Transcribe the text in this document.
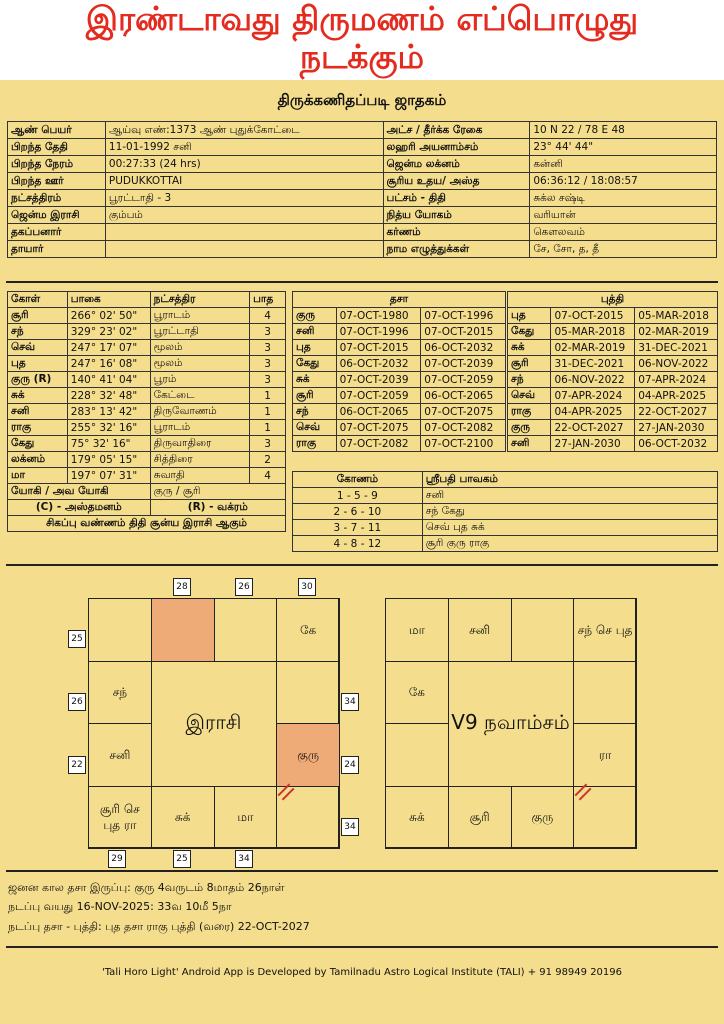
இரண்டாவது திருமணம் எப்பொழுது
நடக்கும்
திருக்கணிதப்படி ஜாதகம்
ஆண் பெயர்	ஆய்வு எண்:1373 ஆண் புதுக்கோட்டை	அட்ச / தீர்க்க ரேகை	10 N 22 / 78 E 48
பிறந்த தேதி	11-01-1992 சனி	லஹரி அயனாம்சம்	23° 44' 44"
பிறந்த நேரம்	00:27:33 (24 hrs)	ஜென்ம லக்னம்	கன்னி
பிறந்த ஊர்	PUDUKKOTTAI	சூரிய உதய/ அஸ்த	06:36:12 / 18:08:57
நட்சத்திரம்	பூரட்டாதி - 3	பட்சம் - திதி	சுக்ல சஷ்டி
ஜென்ம இராசி	கும்பம்	நித்ய யோகம்	வரியான்
தகப்பனார்		கர்ணம்	கௌலவம்
தாயார்		நாம எழுத்துக்கள்	சே, சோ, த, தீ
கோள்	பாகை	நட்சத்திர	பாத
சூரி	266° 02' 50"	பூராடம்	4
சந்	329° 23' 02"	பூரட்டாதி	3
செவ்	247° 17' 07"	மூலம்	3
புத	247° 16' 08"	மூலம்	3
குரு (R)	140° 41' 04"	பூரம்	3
சுக்	228° 32' 48"	கேட்டை	1
சனி	283° 13' 42"	திருவோணம்	1
ராகு	255° 32' 16"	பூராடம்	1
கேது	75° 32' 16"	திருவாதிரை	3
லக்னம்	179° 05' 15"	சித்திரை	2
மா	197° 07' 31"	சுவாதி	4
யோகி / அவ யோகி		குரு / சூரி	
(C) - அஸ்தமனம்		(R) - வக்ரம்	
சிகப்பு வண்ணம் திதி சூன்ய இராசி ஆகும்			
தசா		
குரு	07-OCT-1980	07-OCT-1996
சனி	07-OCT-1996	07-OCT-2015
புத	07-OCT-2015	06-OCT-2032
கேது	06-OCT-2032	07-OCT-2039
சுக்	07-OCT-2039	07-OCT-2059
சூரி	07-OCT-2059	06-OCT-2065
சந்	06-OCT-2065	07-OCT-2075
செவ்	07-OCT-2075	07-OCT-2082
ராகு	07-OCT-2082	07-OCT-2100
புத்தி		
புத	07-OCT-2015	05-MAR-2018
கேது	05-MAR-2018	02-MAR-2019
சுக்	02-MAR-2019	31-DEC-2021
சூரி	31-DEC-2021	06-NOV-2022
சந்	06-NOV-2022	07-APR-2024
செவ்	07-APR-2024	04-APR-2025
ராகு	04-APR-2025	22-OCT-2027
குரு	22-OCT-2027	27-JAN-2030
சனி	27-JAN-2030	06-OCT-2032
கோணம்	ஸ்ரீபதி பாவகம்
1 - 5 - 9	சனி
2 - 6 - 10	சந் கேது
3 - 7 - 11	செவ் புத சுக்
4 - 8 - 12	சூரி குரு ராகு
கே
சந்
சனி	குரு
சூரி செ புத ரா
சுக்	மா
இராசி
28	26	30
25
26
22
34
24
34
29	25	34
மா	சனி	சந் செ புத
கே
ரா
சுக்	சூரி	குரு
V9 நவாம்சம்
ஜனன கால தசா இருப்பு: குரு 4வருடம் 8மாதம் 26நாள்
நடப்பு வயது 16-NOV-2025: 33வ 10மீ 5நா
நடப்பு தசா - புத்தி: புத தசா ராகு புத்தி (வரை) 22-OCT-2027
'Tali Horo Light' Android App is Developed by Tamilnadu Astro Logical Institute (TALI) + 91 98949 20196
